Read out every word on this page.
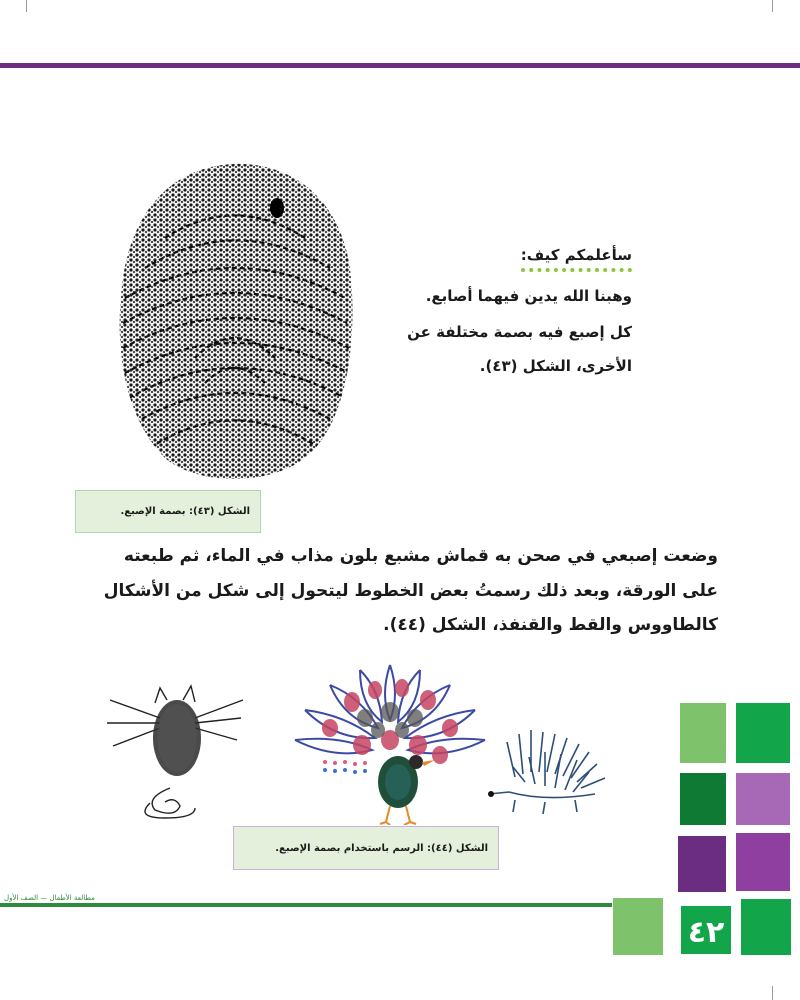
الشكل (٤٣): بصمة الإصبع.
سأعلمكم كيف:
وهبنا الله يدين فيهما أصابع.
كل إصبع فيه بصمة مختلفة عن
الأخرى، الشكل (٤٣).
وضعت إصبعي في صحن به قماش مشبع بلون مذاب في الماء، ثم طبعته
على الورقة، وبعد ذلك رسمتُ بعض الخطوط ليتحول إلى شكل من الأشكال
كالطاووس والقط والقنفذ، الشكل (٤٤).
الشكل (٤٤): الرسم باستخدام بصمة الإصبع.
٤٢
مطالعة الأطفال — الصف الأول
